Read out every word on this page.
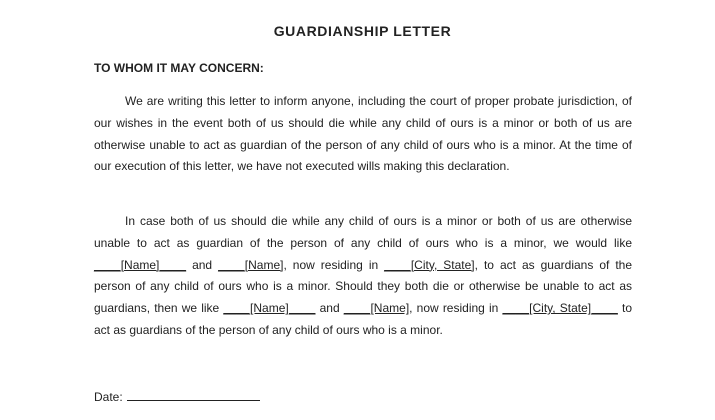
GUARDIANSHIP LETTER
TO WHOM IT MAY CONCERN:

We are writing this letter to inform anyone, including the court of proper probate jurisdiction, of our wishes in the event both of us should die while any child of ours is a minor or both of us are otherwise unable to act as guardian of the person of any child of ours who is a minor. At the time of our execution of this letter, we have not executed wills making this declaration.

In case both of us should die while any child of ours is a minor or both of us are otherwise unable to act as guardian of the person of any child of ours who is a minor, we would like ____[Name]____ and ____[Name], now residing in ____[City, State], to act as guardians of the person of any child of ours who is a minor. Should they both die or otherwise be unable to act as guardians, then we like ____[Name]____ and ____[Name], now residing in ____[City, State]____ to act as guardians of the person of any child of ours who is a minor.

Date:
